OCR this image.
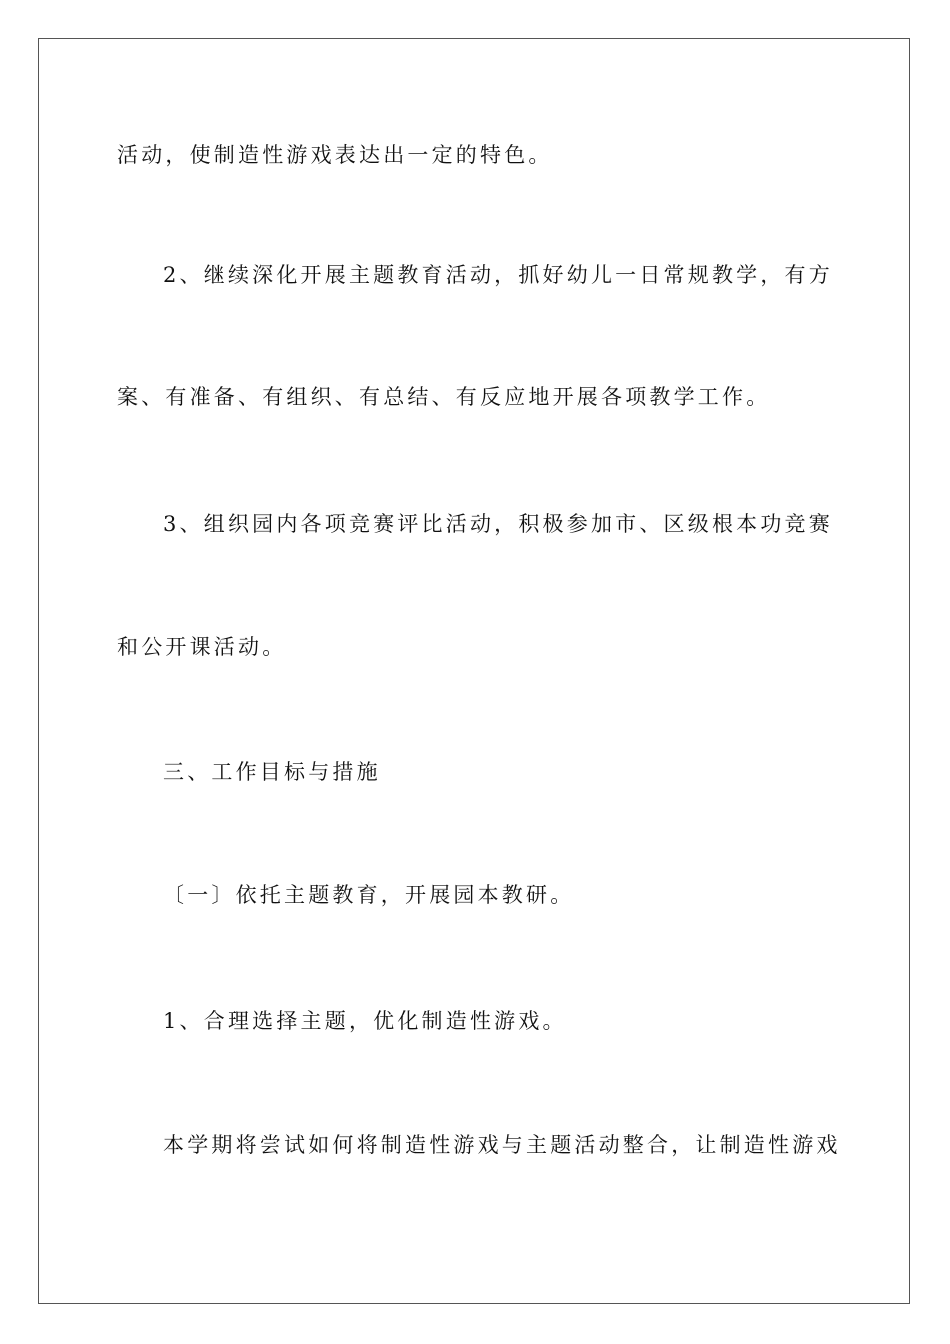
活动，使制造性游戏表达出一定的特色。
2、继续深化开展主题教育活动，抓好幼儿一日常规教学，有方
案、有准备、有组织、有总结、有反应地开展各项教学工作。
3、组织园内各项竞赛评比活动，积极参加市、区级根本功竞赛
和公开课活动。
三、工作目标与措施
〔一〕依托主题教育，开展园本教研。
1、合理选择主题，优化制造性游戏。
本学期将尝试如何将制造性游戏与主题活动整合，让制造性游戏
